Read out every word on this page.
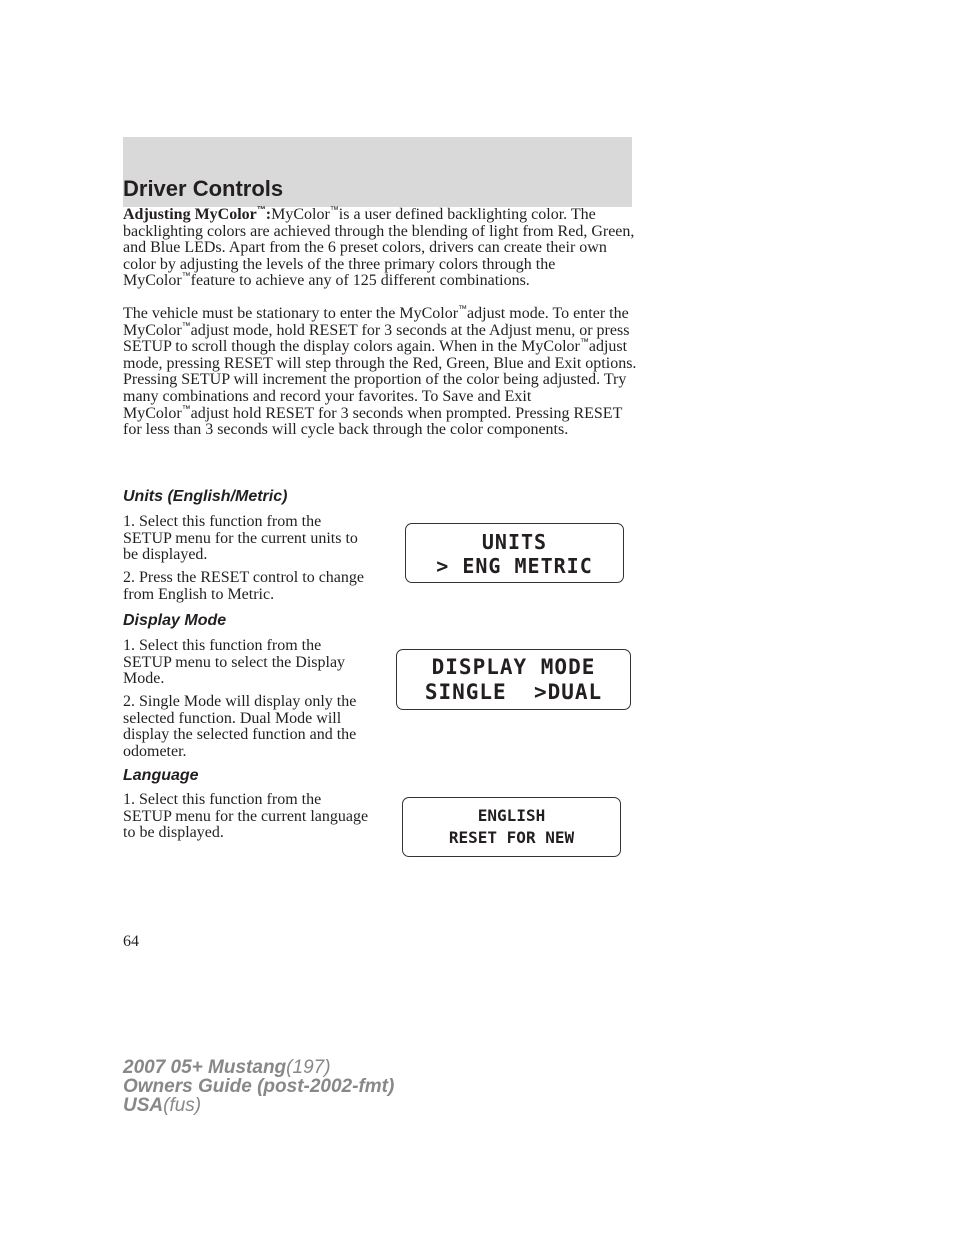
Driver Controls

Adjusting MyColor™:MyColor™is a user defined backlighting color. The backlighting colors are achieved through the blending of light from Red, Green, and Blue LEDs. Apart from the 6 preset colors, drivers can create their own color by adjusting the levels of the three primary colors through the MyColor™feature to achieve any of 125 different combinations.

The vehicle must be stationary to enter the MyColor™adjust mode. To enter the MyColor™adjust mode, hold RESET for 3 seconds at the Adjust menu, or press SETUP to scroll though the display colors again. When in the MyColor™adjust mode, pressing RESET will step through the Red, Green, Blue and Exit options. Pressing SETUP will increment the proportion of the color being adjusted. Try many combinations and record your favorites. To Save and Exit MyColor™adjust hold RESET for 3 seconds when prompted. Pressing RESET for less than 3 seconds will cycle back through the color components.

Units (English/Metric)

1. Select this function from the SETUP menu for the current units to be displayed.

2. Press the RESET control to change from English to Metric.

UNITS
> ENG METRIC
Display Mode

1. Select this function from the SETUP menu to select the Display Mode.

2. Single Mode will display only the selected function. Dual Mode will display the selected function and the odometer.

DISPLAY MODE
SINGLE  >DUAL
Language

1. Select this function from the SETUP menu for the current language to be displayed.

ENGLISH
RESET FOR NEW
64
2007 05+ Mustang(197)
Owners Guide (post-2002-fmt)
USA(fus)
